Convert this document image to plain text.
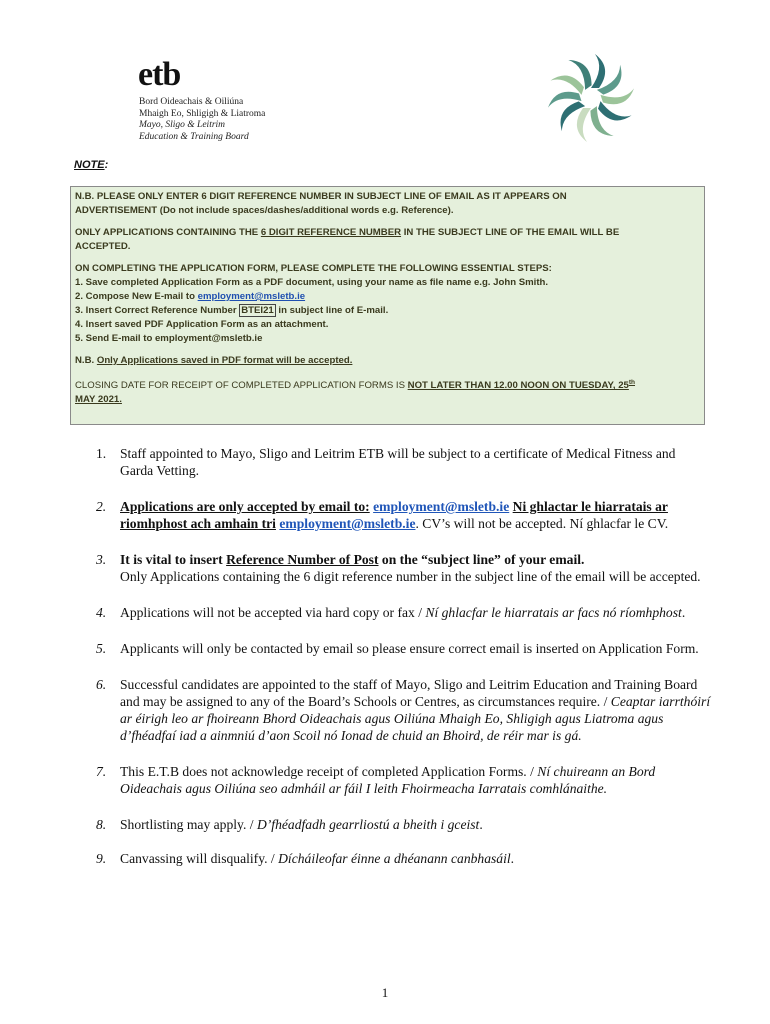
etb
Bord Oideachais & Oiliúna
Mhaigh Eo, Shligigh & Liatroma
Mayo, Sligo & Leitrim
Education & Training Board
NOTE:

N.B. PLEASE ONLY ENTER 6 DIGIT REFERENCE NUMBER IN SUBJECT LINE OF EMAIL AS IT APPEARS ON
ADVERTISEMENT (Do not include spaces/dashes/additional words e.g. Reference).

ONLY APPLICATIONS CONTAINING THE 6 DIGIT REFERENCE NUMBER IN THE SUBJECT LINE OF THE EMAIL WILL BE
ACCEPTED.

ON COMPLETING THE APPLICATION FORM, PLEASE COMPLETE THE FOLLOWING ESSENTIAL STEPS:
1. Save completed Application Form as a PDF document, using your name as file name e.g. John Smith.
2. Compose New E-mail to employment@msletb.ie
3. Insert Correct Reference Number BTEI21 in subject line of E-mail.
4. Insert saved PDF Application Form as an attachment.
5. Send E-mail to employment@msletb.ie

N.B. Only Applications saved in PDF format will be accepted.

CLOSING DATE FOR RECEIPT OF COMPLETED APPLICATION FORMS IS NOT LATER THAN 12.00 NOON ON TUESDAY, 25th
MAY 2021.

1. Staff appointed to Mayo, Sligo and Leitrim ETB will be subject to a certificate of Medical Fitness and Garda Vetting.
2. Applications are only accepted by email to: employment@msletb.ie Ni ghlactar le hiarratais ar riomhphost ach amhain tri employment@msletb.ie. CV’s will not be accepted. Ní ghlacfar le CV.
3. It is vital to insert Reference Number of Post on the “subject line” of your email.
Only Applications containing the 6 digit reference number in the subject line of the email will be accepted.
4. Applications will not be accepted via hard copy or fax / Ní ghlacfar le hiarratais ar facs nó ríomhphost.
5. Applicants will only be contacted by email so please ensure correct email is inserted on Application Form.
6. Successful candidates are appointed to the staff of Mayo, Sligo and Leitrim Education and Training Board and may be assigned to any of the Board’s Schools or Centres, as circumstances require. / Ceaptar iarrthóirí ar éirigh leo ar fhoireann Bhord Oideachais agus Oiliúna Mhaigh Eo, Shligigh agus Liatroma agus d’fhéadfaí iad a ainmniú d’aon Scoil nó Ionad de chuid an Bhoird, de réir mar is gá.
7. This E.T.B does not acknowledge receipt of completed Application Forms. / Ní chuireann an Bord Oideachais agus Oiliúna seo admháil ar fáil I leith Fhoirmeacha Iarratais comhlánaithe.
8. Shortlisting may apply. / D’fhéadfadh gearrliostú a bheith i gceist.
9. Canvassing will disqualify. / Dícháileofar éinne a dhéanann canbhasáil.
1
